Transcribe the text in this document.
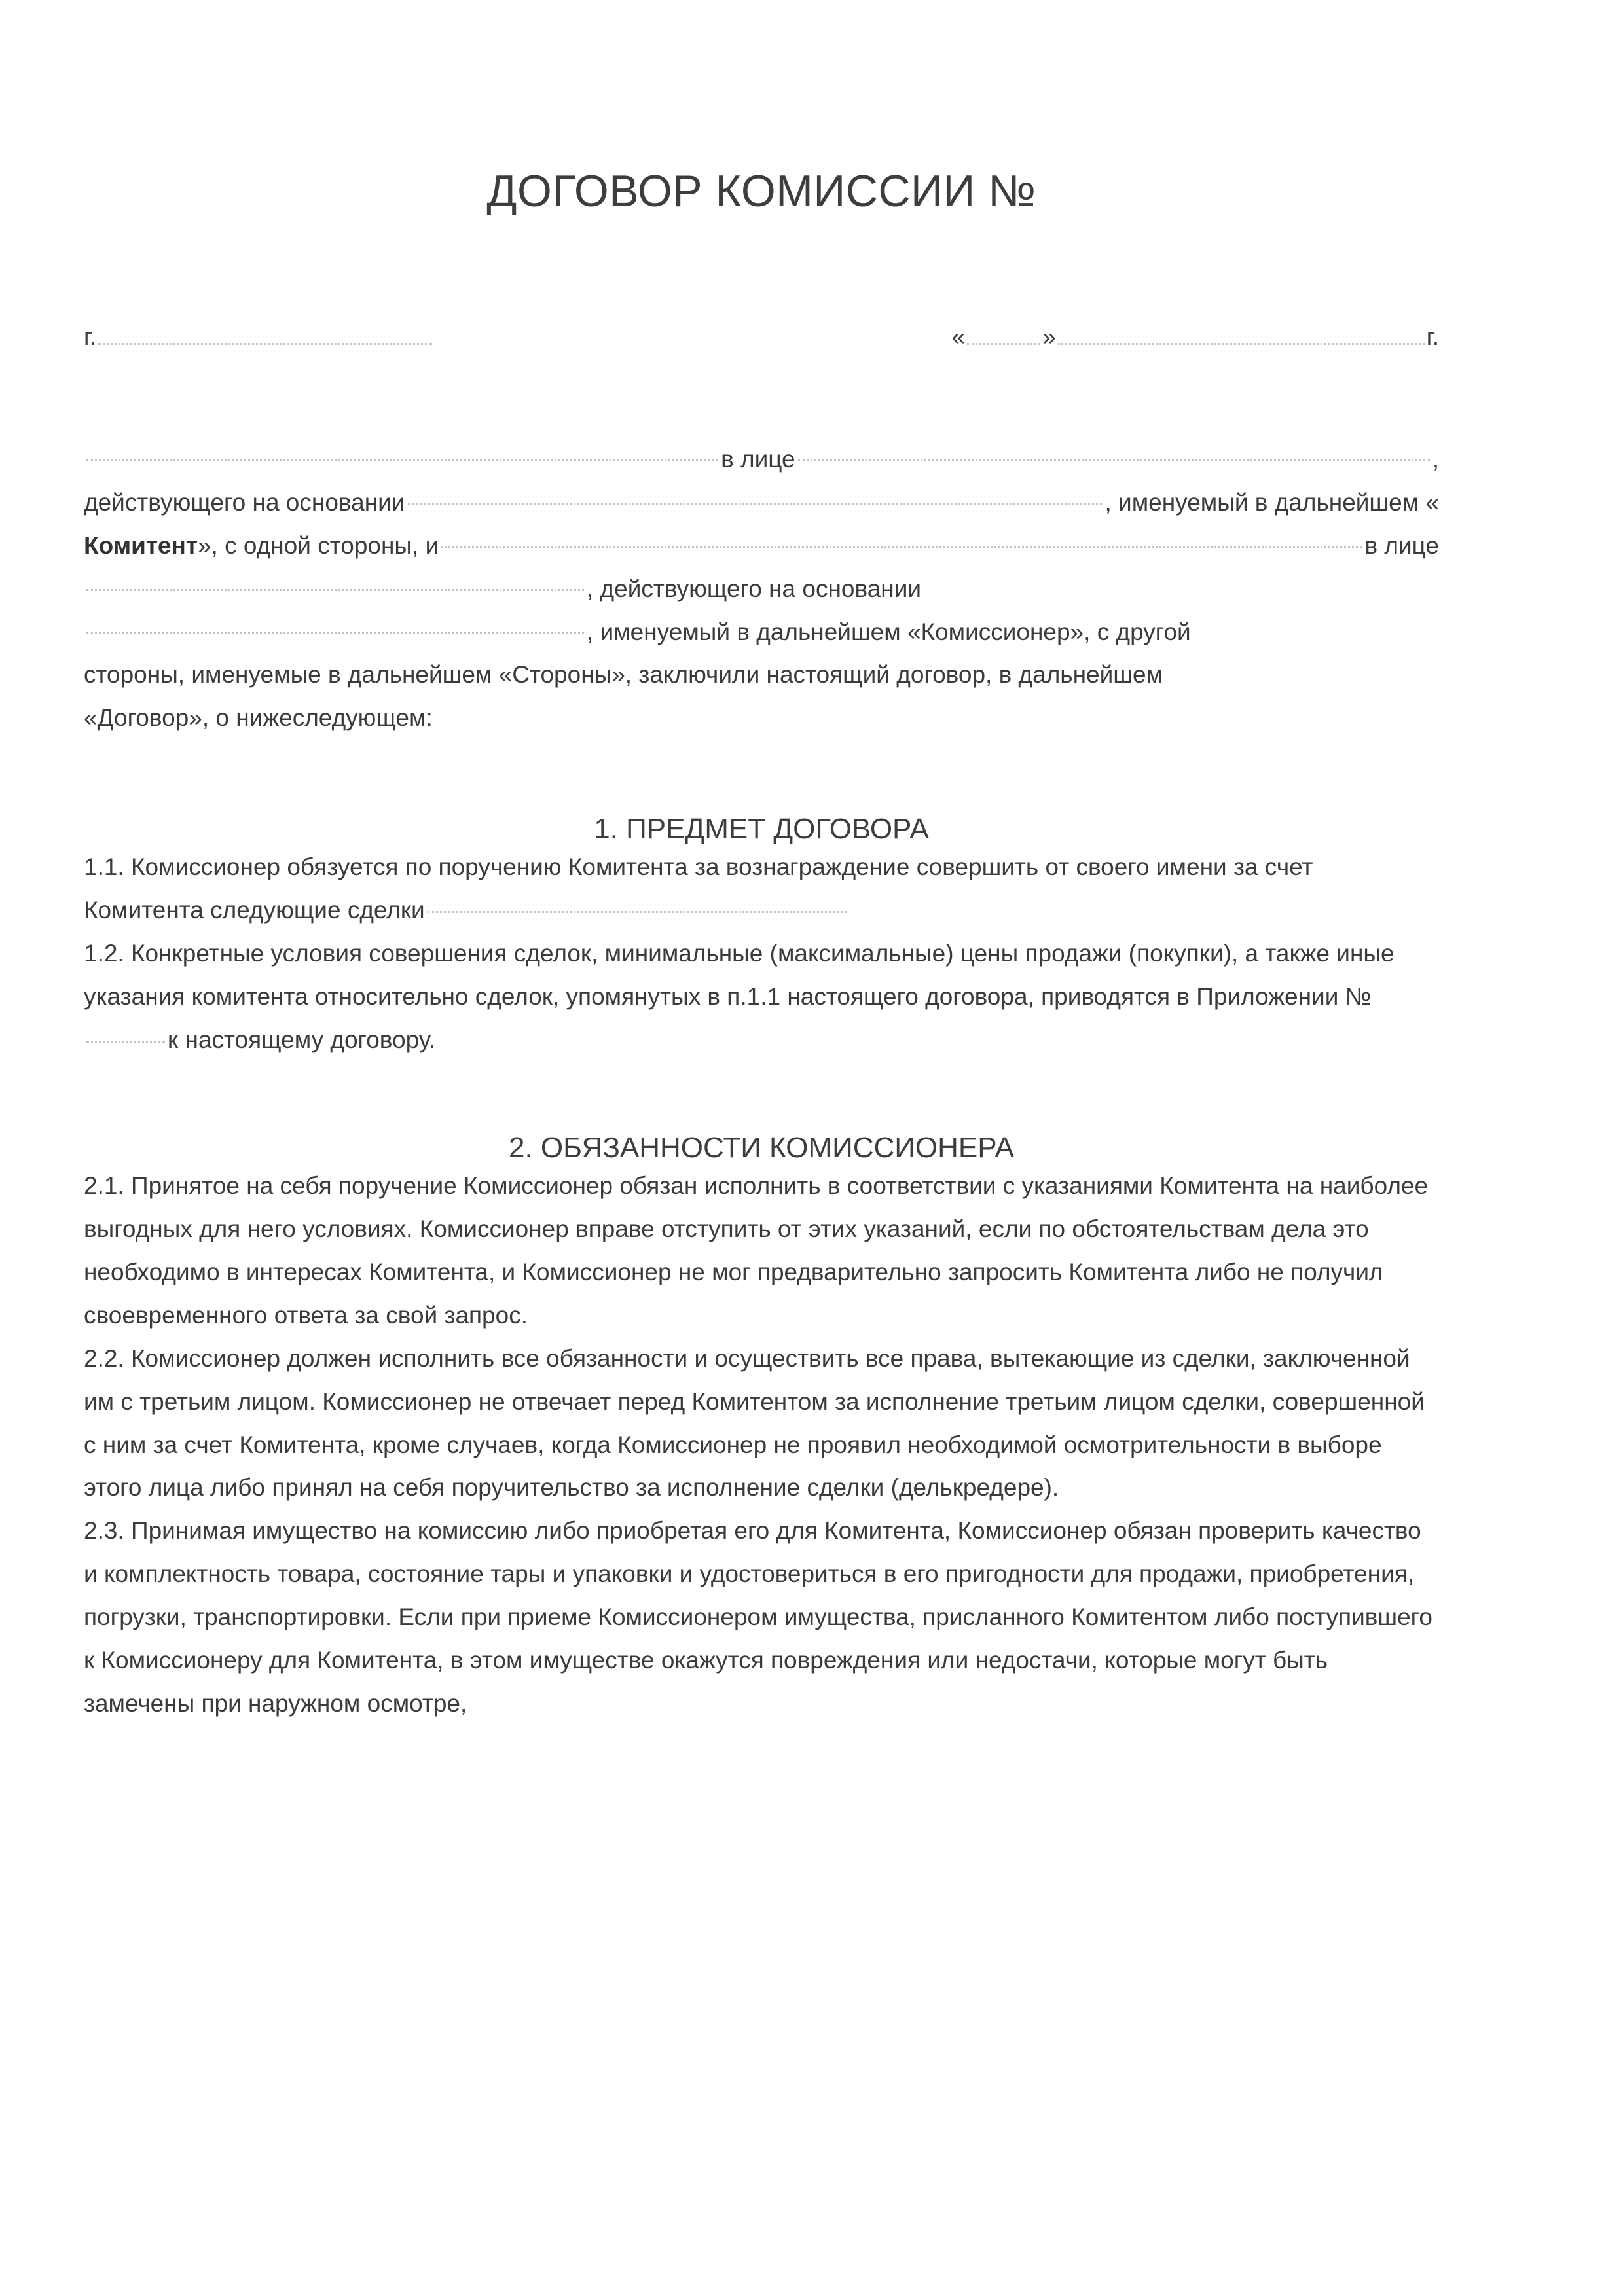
ДОГОВОР КОМИССИИ №
г.	«	»	г.
в лице	,
действующего на основании	, именуемый в дальнейшем «
Комитент », с одной стороны, и	в лице
, действующего на основании
, именуемый в дальнейшем «Комиссионер», с другой
стороны, именуемые в дальнейшем «Стороны», заключили настоящий договор, в дальнейшем
«Договор», о нижеследующем:
1. ПРЕДМЕТ ДОГОВОРА

1.1. Комиссионер обязуется по поручению Комитента за вознаграждение совершить от своего имени за счет Комитента следующие сделки

1.2. Конкретные условия совершения сделок, минимальные (максимальные) цены продажи (покупки), а также иные указания комитента относительно сделок, упомянутых в п.1.1 настоящего договора, приводятся в Приложении №к настоящему договору.

2. ОБЯЗАННОСТИ КОМИССИОНЕРА

2.1. Принятое на себя поручение Комиссионер обязан исполнить в соответствии с указаниями Комитента на наиболее выгодных для него условиях. Комиссионер вправе отступить от этих указаний, если по обстоятельствам дела это необходимо в интересах Комитента, и Комиссионер не мог предварительно запросить Комитента либо не получил своевременного ответа за свой запрос.

2.2. Комиссионер должен исполнить все обязанности и осуществить все права, вытекающие из сделки, заключенной им с третьим лицом. Комиссионер не отвечает перед Комитентом за исполнение третьим лицом сделки, совершенной с ним за счет Комитента, кроме случаев, когда Комиссионер не проявил необходимой осмотрительности в выборе этого лица либо принял на себя поручительство за исполнение сделки (делькредере).

2.3. Принимая имущество на комиссию либо приобретая его для Комитента, Комиссионер обязан проверить качество и комплектность товара, состояние тары и упаковки и удостовериться в его пригодности для продажи, приобретения, погрузки, транспортировки. Если при приеме Комиссионером имущества, присланного Комитентом либо поступившего к Комиссионеру для Комитента, в этом имуществе окажутся повреждения или недостачи, которые могут быть замечены при наружном осмотре,
